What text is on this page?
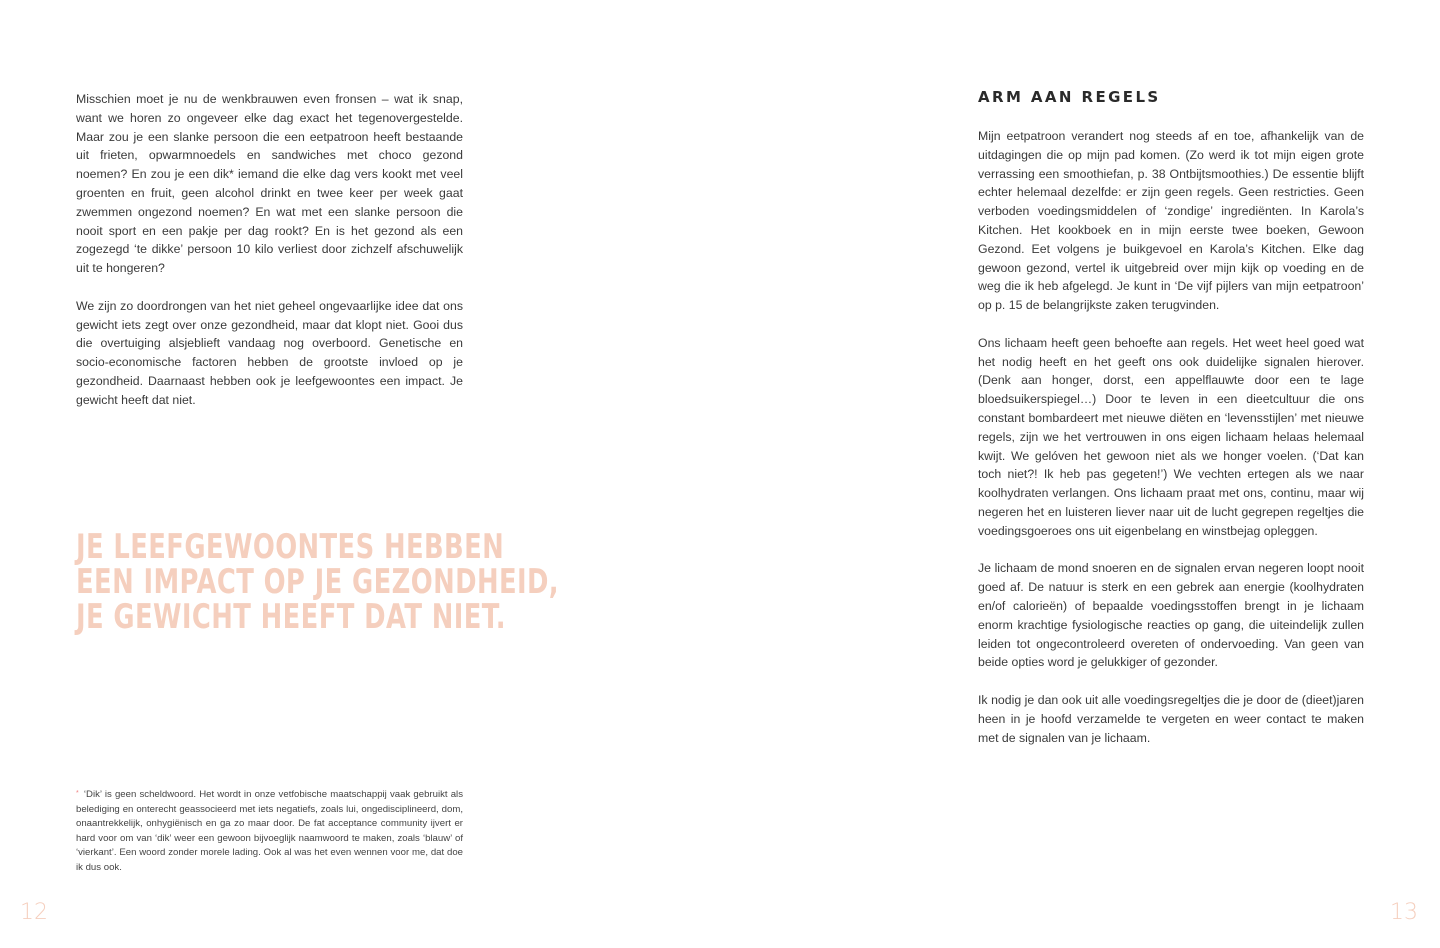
Misschien moet je nu de wenkbrauwen even fronsen – wat ik snap, want we horen zo ongeveer elke dag exact het tegenovergestelde. Maar zou je een slanke persoon die een eetpatroon heeft bestaande uit frieten, opwarmnoedels en sandwiches met choco gezond noemen? En zou je een dik* iemand die elke dag vers kookt met veel groenten en fruit, geen alcohol drinkt en twee keer per week gaat zwemmen ongezond noemen? En wat met een slanke persoon die nooit sport en een pakje per dag rookt? En is het gezond als een zogezegd ‘te dikke’ persoon 10 kilo verliest door zichzelf afschuwelijk uit te hongeren?

We zijn zo doordrongen van het niet geheel ongevaarlijke idee dat ons gewicht iets zegt over onze gezondheid, maar dat klopt niet. Gooi dus die overtuiging alsjeblieft vandaag nog overboord. Genetische en socio-economische factoren hebben de grootste invloed op je gezondheid. Daarnaast hebben ook je leefgewoontes een impact. Je gewicht heeft dat niet.

JE LEEFGEWOONTES HEBBEN
EEN IMPACT OP JE GEZONDHEID,
JE GEWICHT HEEFT DAT NIET.
* ‘Dik’ is geen scheldwoord. Het wordt in onze vetfobische maatschappij vaak gebruikt als belediging en onterecht geassocieerd met iets negatiefs, zoals lui, ongedisciplineerd, dom, onaantrekkelijk, onhygiënisch en ga zo maar door. De fat acceptance community ijvert er hard voor om van ‘dik’ weer een gewoon bijvoeglijk naamwoord te maken, zoals ‘blauw’ of ‘vierkant’. Een woord zonder morele lading. Ook al was het even wennen voor me, dat doe ik dus ook.
12
ARM AAN REGELS

Mijn eetpatroon verandert nog steeds af en toe, afhankelijk van de uitdagingen die op mijn pad komen. (Zo werd ik tot mijn eigen grote verrassing een smoothiefan, p. 38 Ontbijtsmoothies.) De essentie blijft echter helemaal dezelfde: er zijn geen regels. Geen restricties. Geen verboden voedingsmiddelen of ‘zondige’ ingrediënten. In Karola’s Kitchen. Het kookboek en in mijn eerste twee boeken, Gewoon Gezond. Eet volgens je buikgevoel en Karola’s Kitchen. Elke dag gewoon gezond, vertel ik uitgebreid over mijn kijk op voeding en de weg die ik heb afgelegd. Je kunt in ‘De vijf pijlers van mijn eetpatroon’ op p. 15 de belangrijkste zaken terugvinden.

Ons lichaam heeft geen behoefte aan regels. Het weet heel goed wat het nodig heeft en het geeft ons ook duidelijke signalen hierover. (Denk aan honger, dorst, een appelflauwte door een te lage bloedsuikerspiegel…) Door te leven in een dieetcultuur die ons constant bombardeert met nieuwe diëten en ‘levensstijlen’ met nieuwe regels, zijn we het vertrouwen in ons eigen lichaam helaas helemaal kwijt. We gelóven het gewoon niet als we honger voelen. (‘Dat kan toch niet?! Ik heb pas gegeten!’) We vechten ertegen als we naar koolhydraten verlangen. Ons lichaam praat met ons, continu, maar wij negeren het en luisteren liever naar uit de lucht gegrepen regeltjes die voedingsgoeroes ons uit eigenbelang en winstbejag opleggen.

Je lichaam de mond snoeren en de signalen ervan negeren loopt nooit goed af. De natuur is sterk en een gebrek aan energie (koolhydraten en/of calorieën) of bepaalde voedingsstoffen brengt in je lichaam enorm krachtige fysiologische reacties op gang, die uiteindelijk zullen leiden tot ongecontroleerd overeten of ondervoeding. Van geen van beide opties word je gelukkiger of gezonder.

Ik nodig je dan ook uit alle voedingsregeltjes die je door de (dieet)jaren heen in je hoofd verzamelde te vergeten en weer contact te maken met de signalen van je lichaam.

13
